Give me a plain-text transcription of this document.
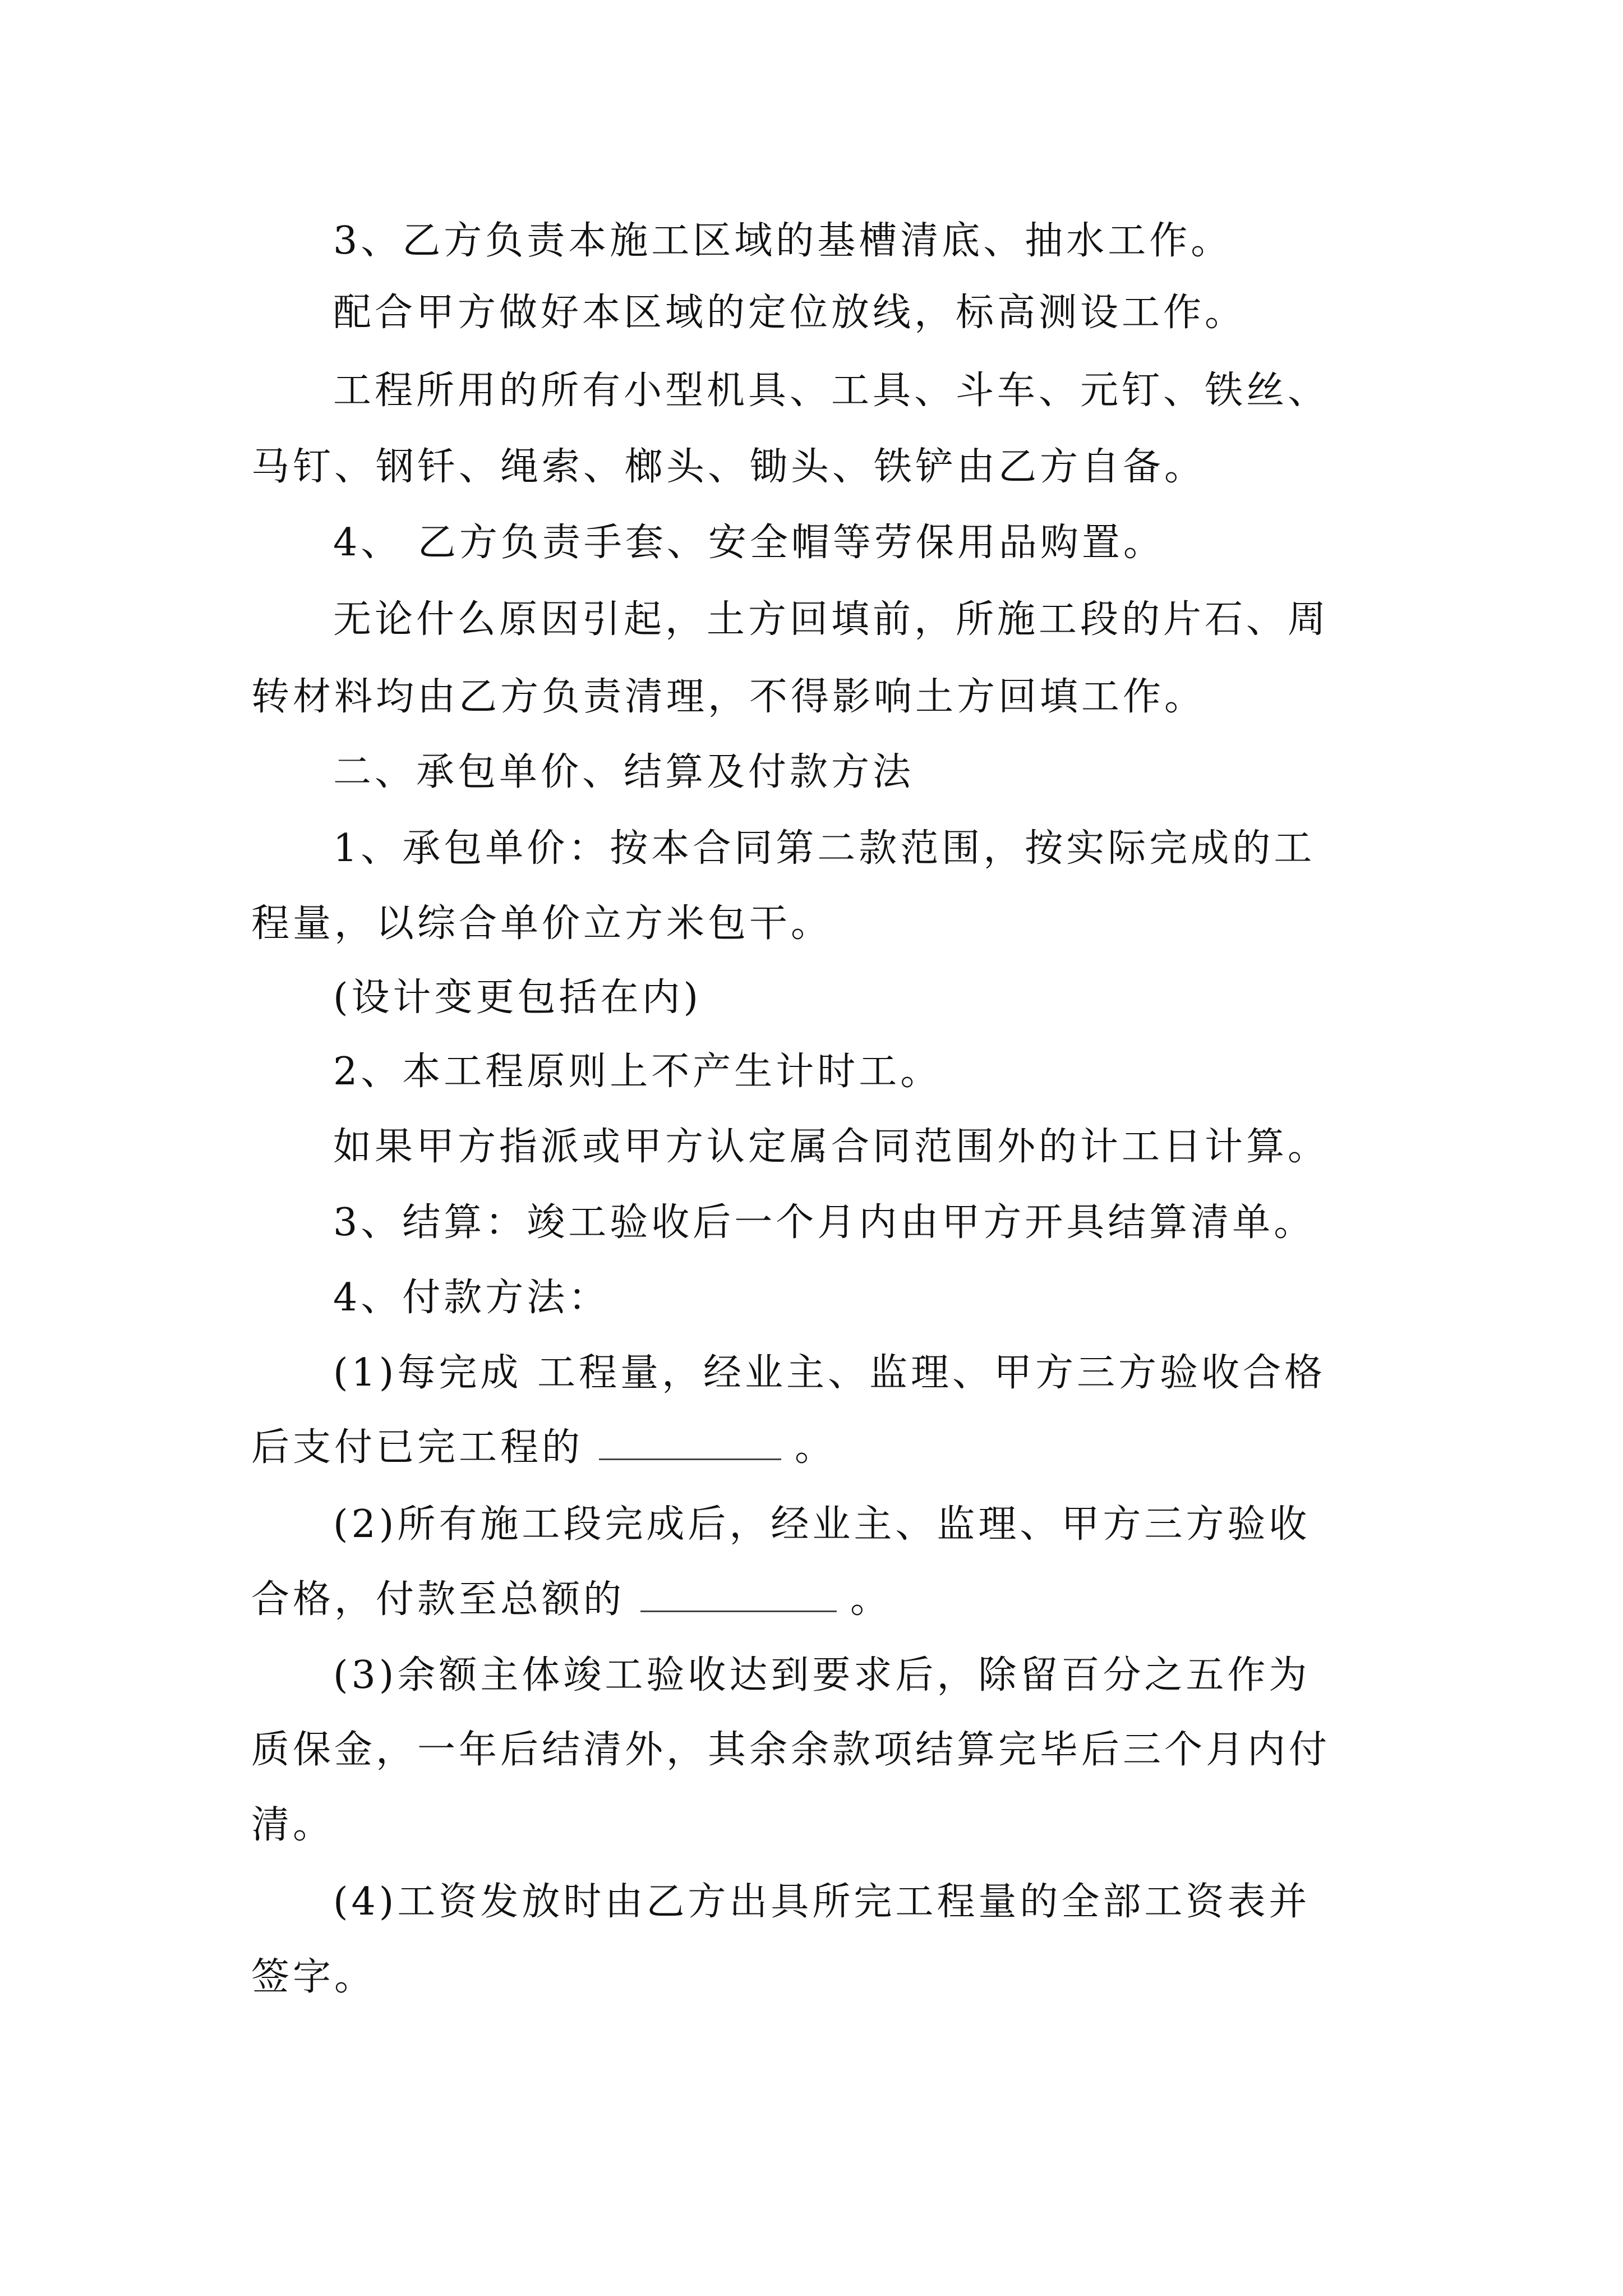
3、乙方负责本施工区域的基槽清底、抽水工作。
配合甲方做好本区域的定位放线，标高测设工作。
工程所用的所有小型机具、工具、斗车、元钉、铁丝、
马钉、钢钎、绳索、榔头、锄头、铁铲由乙方自备。
4、 乙方负责手套、安全帽等劳保用品购置。
无论什么原因引起，土方回填前，所施工段的片石、周
转材料均由乙方负责清理，不得影响土方回填工作。
二、承包单价、结算及付款方法
1、承包单价：按本合同第二款范围，按实际完成的工
程量，以综合单价立方米包干。
(设计变更包括在内)
2、本工程原则上不产生计时工。
如果甲方指派或甲方认定属合同范围外的计工日计算。
3、结算：竣工验收后一个月内由甲方开具结算清单。
4、付款方法：
(1)每完成 工程量，经业主、监理、甲方三方验收合格
后支付已完工程的	。
(2)所有施工段完成后，经业主、监理、甲方三方验收
合格，付款至总额的	。
(3)余额主体竣工验收达到要求后，除留百分之五作为
质保金，一年后结清外，其余余款项结算完毕后三个月内付
清。
(4)工资发放时由乙方出具所完工程量的全部工资表并
签字。
